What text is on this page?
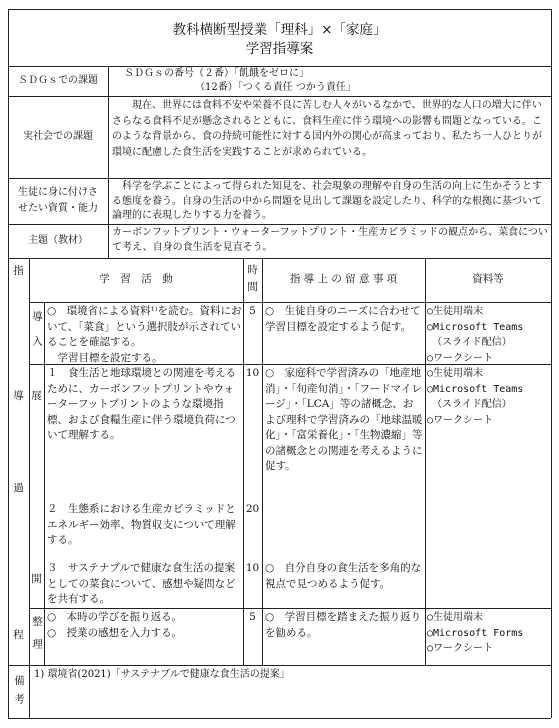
教科横断型授業「理科」×「家庭」
学習指導案
ＳＤＧｓでの課題
ＳＤＧｓの番号（２番）「飢餓をゼロに」
（12番）「つくる責任 つかう責任」
実社会での課題
　　現在、世界には食料不安や栄養不良に苦しむ人々がいるなかで、世界的な人口の増大に伴いさらなる食料不足が懸念されるとともに、食料生産に伴う環境への影響も問題となっている。このような背景から、食の持続可能性に対する国内外の関心が高まっており、私たち一人ひとりが環境に配慮した食生活を実践することが求められている。
生徒に身に付けさ
せたい資質・能力
　科学を学ぶことによって得られた知見を、社会現象の理解や自身の生活の向上に生かそうとする態度を養う。自身の生活の中から問題を見出して課題を設定したり、科学的な根拠に基づいて論理的に表現したりする力を養う。
主題（教材）
カーボンフットプリント・ウォーターフットプリント・生産カピラミッドの観点から、菜食について考え、自身の食生活を見直そう。
指
学　習　活　動
時間
指 導 上 の 留 意 事 項	資料等
導
過
程
導入
展
開
整理
○　環境省による資料¹⁾を読む。資料において、「菜食」という選択肢が示されていることを確認する。
　学習目標を設定する。
5 ○　生徒自身のニーズに合わせて学習目標を設定するよう促す。
○生徒用端末
○Microsoft Teams
　（スライド配信）
○ワークシート
１　食生活と地球環境との関連を考えるために、カーボンフットプリントやウォーターフットプリントのような環境指標、および食糧生産に伴う環境負荷について理解する。
10 ○　家庭科で学習済みの「地産地消」・「旬産旬消」・「フードマイレージ」・「LCA」等の諸概念、および理科で学習済みの「地球温暖化」・「富栄養化」・「生物濃縮」等の諸概念との関連を考えるように促す。
○生徒用端末
○Microsoft Teams
　（スライド配信）
○ワークシート
２　生態系における生産カピラミッドとエネルギー効率、物質収支について理解する。
20
３　サステナブルで健康な食生活の提案としての菜食について、感想や疑問などを共有する。
10 ○　自分自身の食生活を多角的な視点で見つめるよう促す。
○　本時の学びを振り返る。
○　授業の感想を入力する。
5 ○　学習目標を踏まえた振り返りを勧める。
○生徒用端末
○Microsoft Forms
○ワークシート
備考 1) 環境省(2021)「サステナブルで健康な食生活の提案」
